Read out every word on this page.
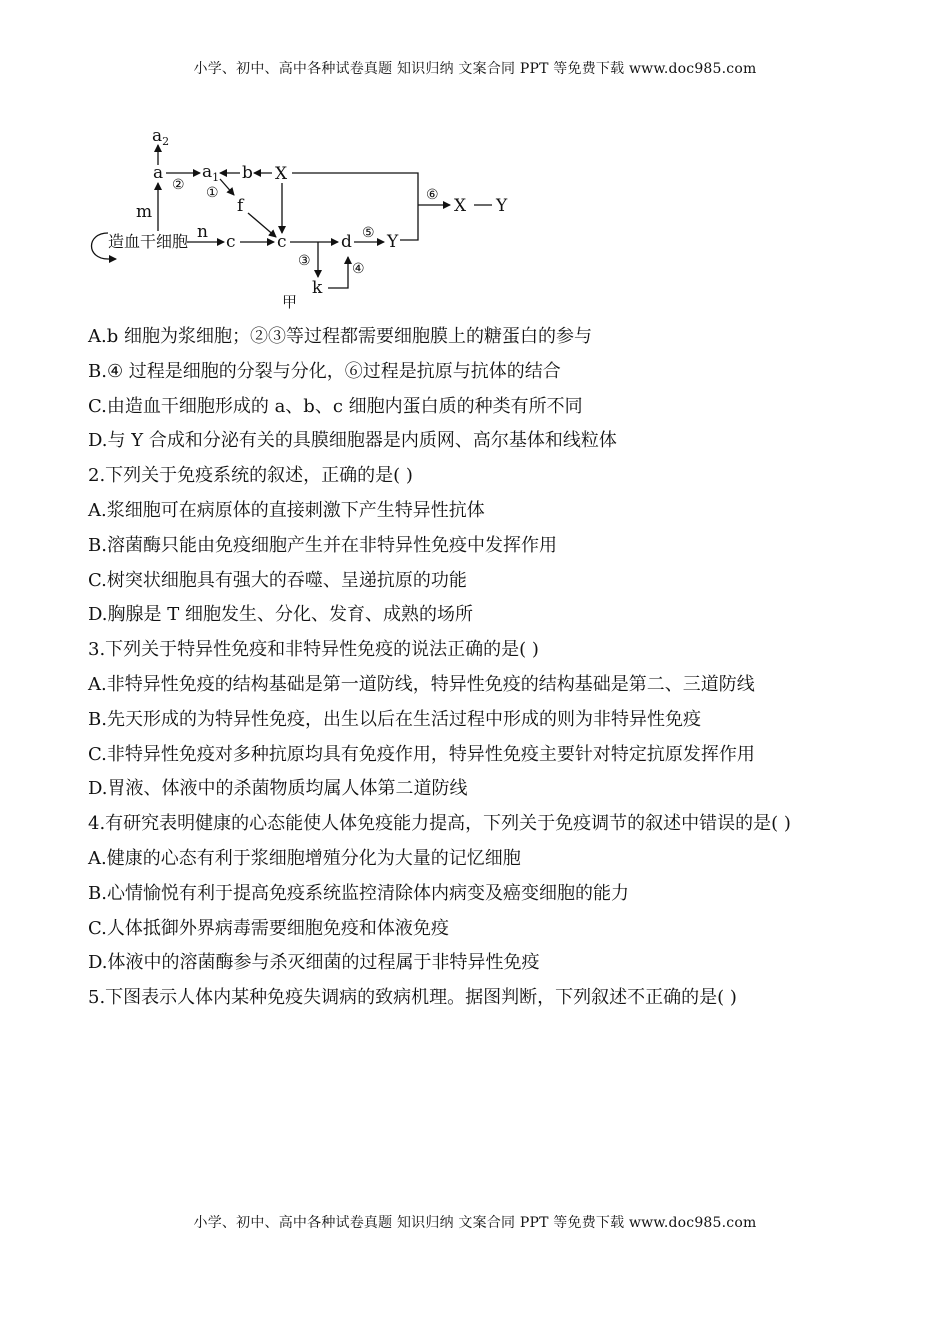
小学、初中、高中各种试卷真题 知识归纳 文案合同 PPT 等免费下载 www.doc985.com
$a_2$
a $a_1$ b X
f
m
n c c	d Y
X Y
k
造血干细胞
② ①
⑤
③	④
⑥
甲
A.b 细胞为浆细胞；②③等过程都需要细胞膜上的糖蛋白的参与
B.④ 过程是细胞的分裂与分化，⑥过程是抗原与抗体的结合
C.由造血干细胞形成的 a、b、c 细胞内蛋白质的种类有所不同
D.与 Y 合成和分泌有关的具膜细胞器是内质网、高尔基体和线粒体
2.下列关于免疫系统的叙述，正确的是( )
A.浆细胞可在病原体的直接刺激下产生特异性抗体
B.溶菌酶只能由免疫细胞产生并在非特异性免疫中发挥作用
C.树突状细胞具有强大的吞噬、呈递抗原的功能
D.胸腺是 T 细胞发生、分化、发育、成熟的场所
3.下列关于特异性免疫和非特异性免疫的说法正确的是( )
A.非特异性免疫的结构基础是第一道防线，特异性免疫的结构基础是第二、三道防线
B.先天形成的为特异性免疫，出生以后在生活过程中形成的则为非特异性免疫
C.非特异性免疫对多种抗原均具有免疫作用，特异性免疫主要针对特定抗原发挥作用
D.胃液、体液中的杀菌物质均属人体第二道防线
4.有研究表明健康的心态能使人体免疫能力提高，下列关于免疫调节的叙述中错误的是( )
A.健康的心态有利于浆细胞增殖分化为大量的记忆细胞
B.心情愉悦有利于提高免疫系统监控清除体内病变及癌变细胞的能力
C.人体抵御外界病毒需要细胞免疫和体液免疫
D.体液中的溶菌酶参与杀灭细菌的过程属于非特异性免疫
5.下图表示人体内某种免疫失调病的致病机理。据图判断，下列叙述不正确的是( )
小学、初中、高中各种试卷真题 知识归纳 文案合同 PPT 等免费下载 www.doc985.com
